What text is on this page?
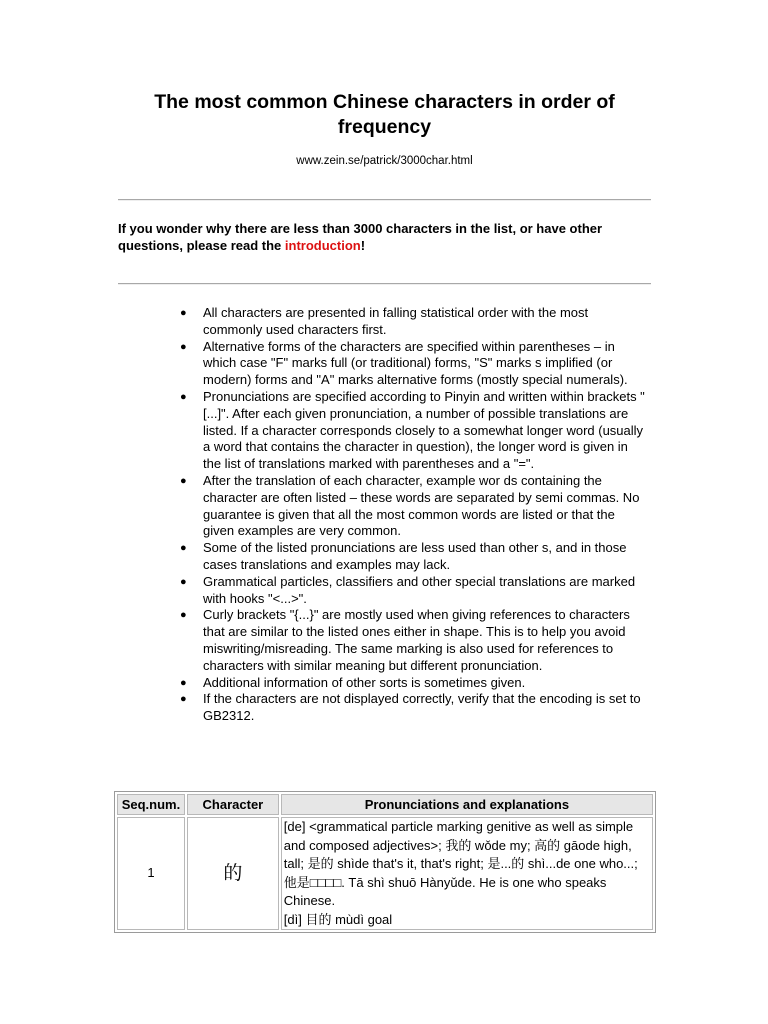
The most common Chinese characters in order of frequency
www.zein.se/patrick/3000char.html
If you wonder why there are less than 3000 characters in the list, or have other questions, please read the introduction!
● All characters are presented in falling statistical order with the most commonly used characters first.
● Alternative forms of the characters are specified within parentheses – in which case "F" marks full (or traditional) forms, "S" marks s implified (or modern) forms and "A" marks alternative forms (mostly special numerals).
● Pronunciations are specified according to Pinyin and written within brackets "[...]". After each given pronunciation, a number of possible translations are listed. If a character corresponds closely to a somewhat longer word (usually a word that contains the character in question), the longer word is given in the list of translations marked with parentheses and a "=".
● After the translation of each character, example wor ds containing the character are often listed – these words are separated by semi commas. No guarantee is given that all the most common words are listed or that the given examples are very common.
● Some of the listed pronunciations are less used than other s, and in those cases translations and examples may lack.
● Grammatical particles, classifiers and other special translations are marked with hooks "<...>".
● Curly brackets "{...}" are mostly used when giving references to characters that are similar to the listed ones either in shape. This is to help you avoid miswriting/misreading. The same marking is also used for references to characters with similar meaning but different pronunciation.
● Additional information of other sorts is sometimes given.
● If the characters are not displayed correctly, verify that the encoding is set to GB2312.
Seq.num.	Character	Pronunciations and explanations
1	的	[de] <grammatical particle marking genitive as well as simple and composed adjectives>; 我的 wǒde my; 高的 gāode high, tall; 是的 shìde that's it, that's right; 是...的 shì...de one who...; 他是□□□□. Tā shì shuō Hànyǔde. He is one who speaks Chinese.
[dì] 目的 mùdì goal
